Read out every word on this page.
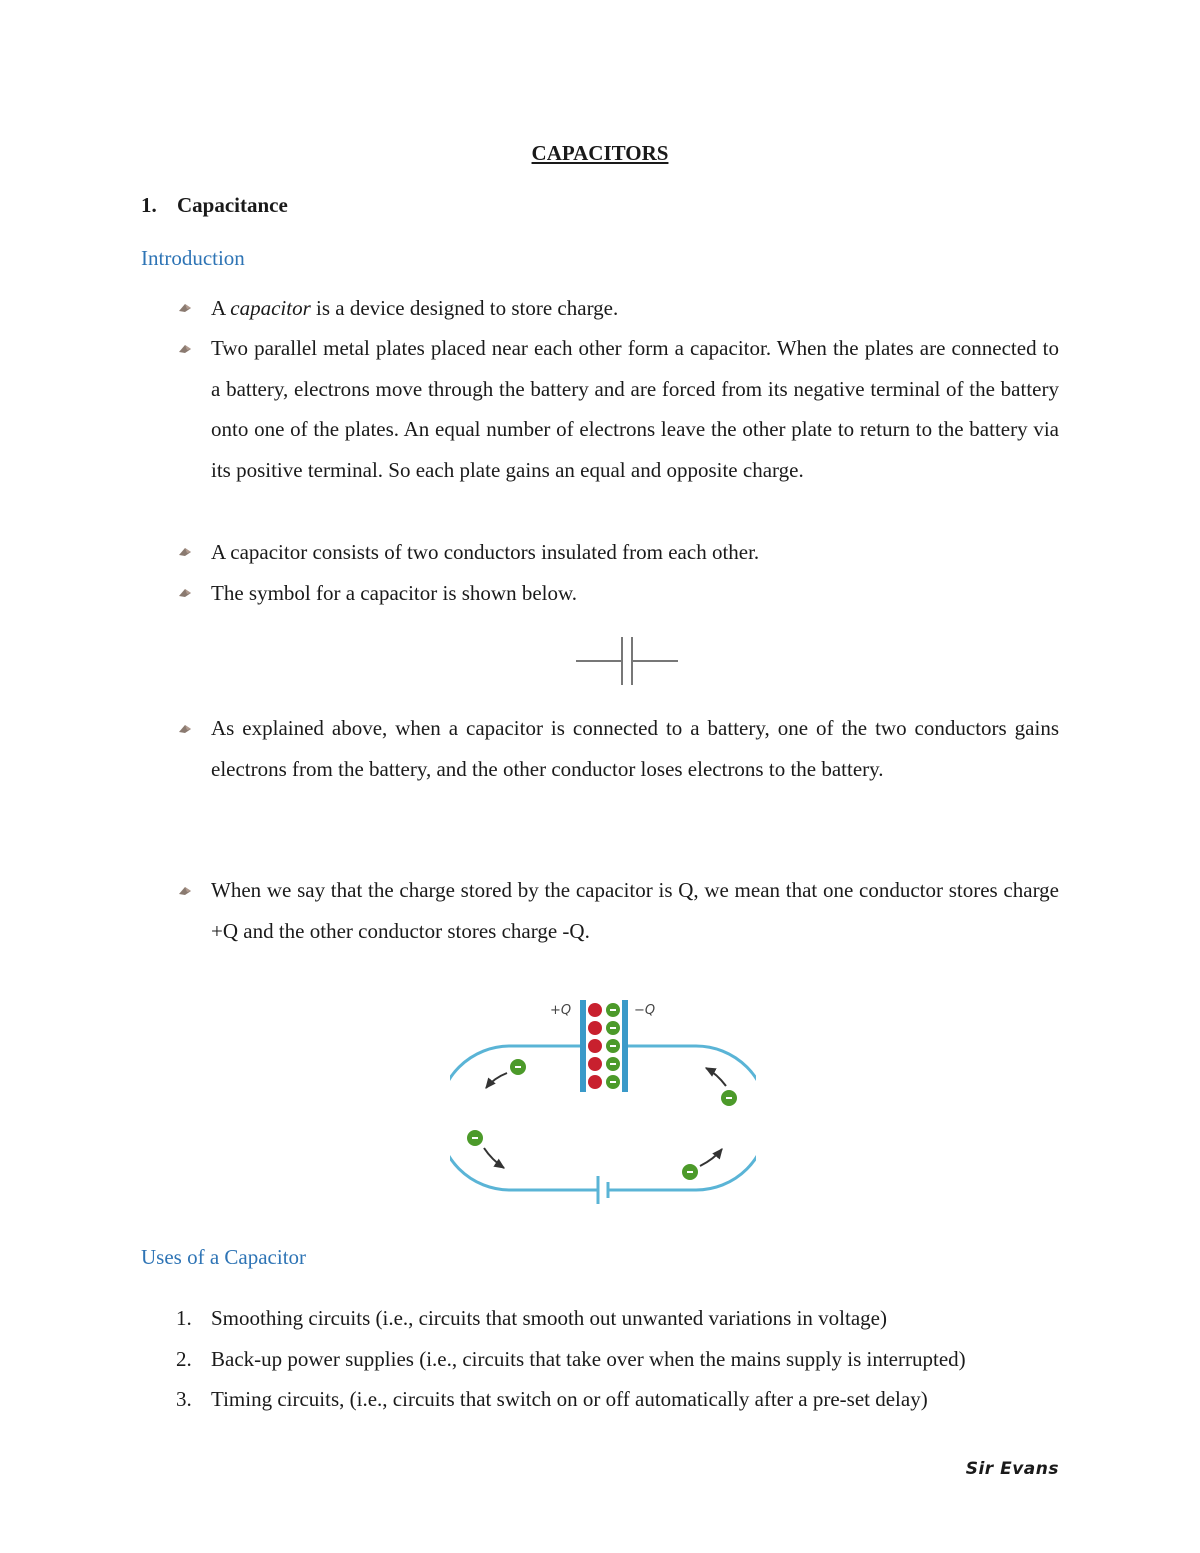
CAPACITORS
1. Capacitance
Introduction
A capacitor is a device designed to store charge.
Two parallel metal plates placed near each other form a capacitor. When the plates are connected to a battery, electrons move through the battery and are forced from its negative terminal of the battery onto one of the plates. An equal number of electrons leave the other plate to return to the battery via its positive terminal. So each plate gains an equal and opposite charge.
A capacitor consists of two conductors insulated from each other.
The symbol for a capacitor is shown below.
As explained above, when a capacitor is connected to a battery, one of the two conductors gains electrons from the battery, and the other conductor loses electrons to the battery.
When we say that the charge stored by the capacitor is Q, we mean that one conductor stores charge +Q and the other conductor stores charge -Q.
+Q	−Q
Uses of a Capacitor
1. Smoothing circuits (i.e., circuits that smooth out unwanted variations in voltage)
2. Back-up power supplies (i.e., circuits that take over when the mains supply is interrupted)
3. Timing circuits, (i.e., circuits that switch on or off automatically after a pre-set delay)
Sir Evans
